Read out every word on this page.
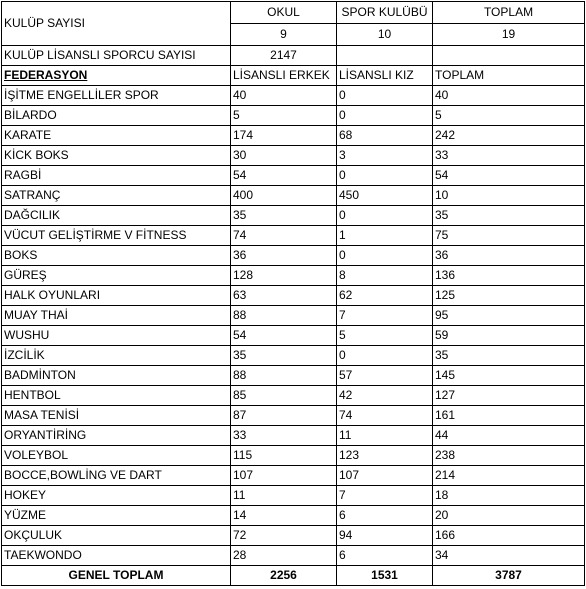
KULÜP SAYISI	OKUL	SPOR KULÜBÜ	TOPLAM
	9	10	19
KULÜP LİSANSLI SPORCU SAYISI	2147		
FEDERASYON	LİSANSLI ERKEK	LİSANSLI KIZ	TOPLAM
İŞİTME ENGELLİLER SPOR	40	0	40
BİLARDO	5	0	5
KARATE	174	68	242
KİCK BOKS	30	3	33
RAGBİ	54	0	54
SATRANÇ	400	450	10
DAĞCILIK	35	0	35
VÜCUT GELİŞTİRME V FİTNESS	74	1	75
BOKS	36	0	36
GÜREŞ	128	8	136
HALK OYUNLARI	63	62	125
MUAY THAİ	88	7	95
WUSHU	54	5	59
İZCİLİK	35	0	35
BADMİNTON	88	57	145
HENTBOL	85	42	127
MASA TENİSİ	87	74	161
ORYANTİRİNG	33	11	44
VOLEYBOL	115	123	238
BOCCE,BOWLİNG VE DART	107	107	214
HOKEY	11	7	18
YÜZME	14	6	20
OKÇULUK	72	94	166
TAEKWONDO	28	6	34
GENEL TOPLAM	2256	1531	3787
